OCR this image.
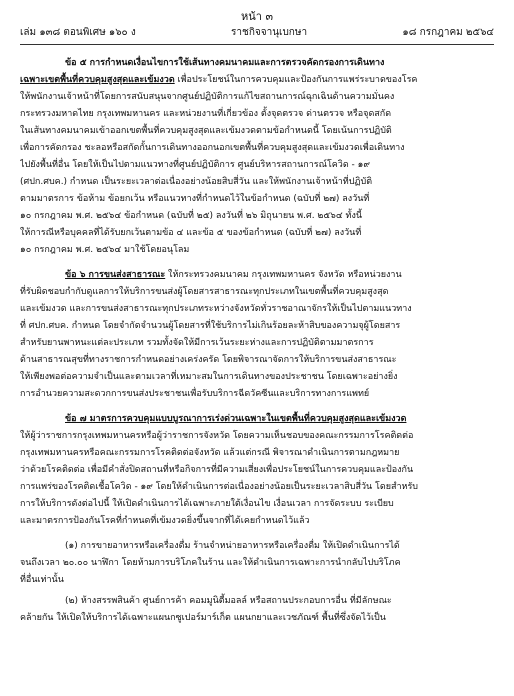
หน้า ๓
เล่ม ๑๓๘ ตอนพิเศษ ๑๖๐ ง	ราชกิจจานุเบกษา	๑๘ กรกฎาคม ๒๕๖๔
ข้อ ๕ การกำหนดเงื่อนไขการใช้เส้นทางคมนาคมและการตรวจคัดกรองการเดินทาง
เฉพาะเขตพื้นที่ควบคุมสูงสุดและเข้มงวด เพื่อประโยชน์ในการควบคุมและป้องกันการแพร่ระบาดของโรค
ให้พนักงานเจ้าหน้าที่โดยการสนับสนุนจากศูนย์ปฏิบัติการแก้ไขสถานการณ์ฉุกเฉินด้านความมั่นคง
กระทรวงมหาดไทย กรุงเทพมหานคร และหน่วยงานที่เกี่ยวข้อง ตั้งจุดตรวจ ด่านตรวจ หรือจุดสกัด
ในเส้นทางคมนาคมเข้าออกเขตพื้นที่ควบคุมสูงสุดและเข้มงวดตามข้อกำหนดนี้ โดยเน้นการปฏิบัติ
เพื่อการคัดกรอง ชะลอหรือสกัดกั้นการเดินทางออกนอกเขตพื้นที่ควบคุมสูงสุดและเข้มงวดเพื่อเดินทาง
ไปยังพื้นที่อื่น โดยให้เป็นไปตามแนวทางที่ศูนย์ปฏิบัติการ ศูนย์บริหารสถานการณ์โควิด - ๑๙
(ศปก.ศบค.) กำหนด เป็นระยะเวลาต่อเนื่องอย่างน้อยสิบสี่วัน และให้พนักงานเจ้าหน้าที่ปฏิบัติ
ตามมาตรการ ข้อห้าม ข้อยกเว้น หรือแนวทางที่กำหนดไว้ในข้อกำหนด (ฉบับที่ ๒๗) ลงวันที่
๑๐ กรกฎาคม พ.ศ. ๒๕๖๔ ข้อกำหนด (ฉบับที่ ๒๕) ลงวันที่ ๒๖ มิถุนายน พ.ศ. ๒๕๖๔ ทั้งนี้
ให้การณีหรือบุคคลที่ได้รับยกเว้นตามข้อ ๔ และข้อ ๕ ของข้อกำหนด (ฉบับที่ ๒๗) ลงวันที่
๑๐ กรกฎาคม พ.ศ. ๒๕๖๔ มาใช้โดยอนุโลม
ข้อ ๖ การขนส่งสาธารณะ ให้กระทรวงคมนาคม กรุงเทพมหานคร จังหวัด หรือหน่วยงาน
ที่รับผิดชอบกำกับดูแลการให้บริการขนส่งผู้โดยสารสาธารณะทุกประเภทในเขตพื้นที่ควบคุมสูงสุด
และเข้มงวด และการขนส่งสาธารณะทุกประเภทระหว่างจังหวัดทั่วราชอาณาจักรให้เป็นไปตามแนวทาง
ที่ ศปก.ศบค. กำหนด โดยจำกัดจำนวนผู้โดยสารที่ใช้บริการไม่เกินร้อยละห้าสิบของความจุผู้โดยสาร
สำหรับยานพาหนะแต่ละประเภท รวมทั้งจัดให้มีการเว้นระยะห่างและการปฏิบัติตามมาตรการ
ด้านสาธารณสุขที่ทางราชการกำหนดอย่างเคร่งครัด โดยพิจารณาจัดการให้บริการขนส่งสาธารณะ
ให้เพียงพอต่อความจำเป็นและตามเวลาที่เหมาะสมในการเดินทางของประชาชน โดยเฉพาะอย่างยิ่ง
การอำนวยความสะดวกการขนส่งประชาชนเพื่อรับบริการฉีดวัคซีนและบริการทางการแพทย์
ข้อ ๗ มาตรการควบคุมแบบบูรณาการเร่งด่วนเฉพาะในเขตพื้นที่ควบคุมสูงสุดและเข้มงวด
ให้ผู้ว่าราชการกรุงเทพมหานครหรือผู้ว่าราชการจังหวัด โดยความเห็นชอบของคณะกรรมการโรคติดต่อ
กรุงเทพมหานครหรือคณะกรรมการโรคติดต่อจังหวัด แล้วแต่กรณี พิจารณาดำเนินการตามกฎหมาย
ว่าด้วยโรคติดต่อ เพื่อมีคำสั่งปิดสถานที่หรือกิจการที่มีความเสี่ยงเพื่อประโยชน์ในการควบคุมและป้องกัน
การแพร่ของโรคติดเชื้อโควิด - ๑๙ โดยให้ดำเนินการต่อเนื่องอย่างน้อยเป็นระยะเวลาสิบสี่วัน โดยสำหรับ
การให้บริการดังต่อไปนี้ ให้เปิดดำเนินการได้เฉพาะภายใต้เงื่อนไข เงื่อนเวลา การจัดระบบ ระเบียบ
และมาตรการป้องกันโรคที่กำหนดที่เข้มงวดยิ่งขึ้นจากที่ได้เคยกำหนดไว้แล้ว
(๑) การขายอาหารหรือเครื่องดื่ม ร้านจำหน่ายอาหารหรือเครื่องดื่ม ให้เปิดดำเนินการได้
จนถึงเวลา ๒๐.๐๐ นาฬิกา โดยห้ามการบริโภคในร้าน และให้ดำเนินการเฉพาะการนำกลับไปบริโภค
ที่อื่นเท่านั้น
(๒) ห้างสรรพสินค้า ศูนย์การค้า คอมมูนิตี้มอลล์ หรือสถานประกอบการอื่น ที่มีลักษณะ
คล้ายกัน ให้เปิดให้บริการได้เฉพาะแผนกซูเปอร์มาร์เก็ต แผนกยาและเวชภัณฑ์ พื้นที่ซึ่งจัดไว้เป็น
